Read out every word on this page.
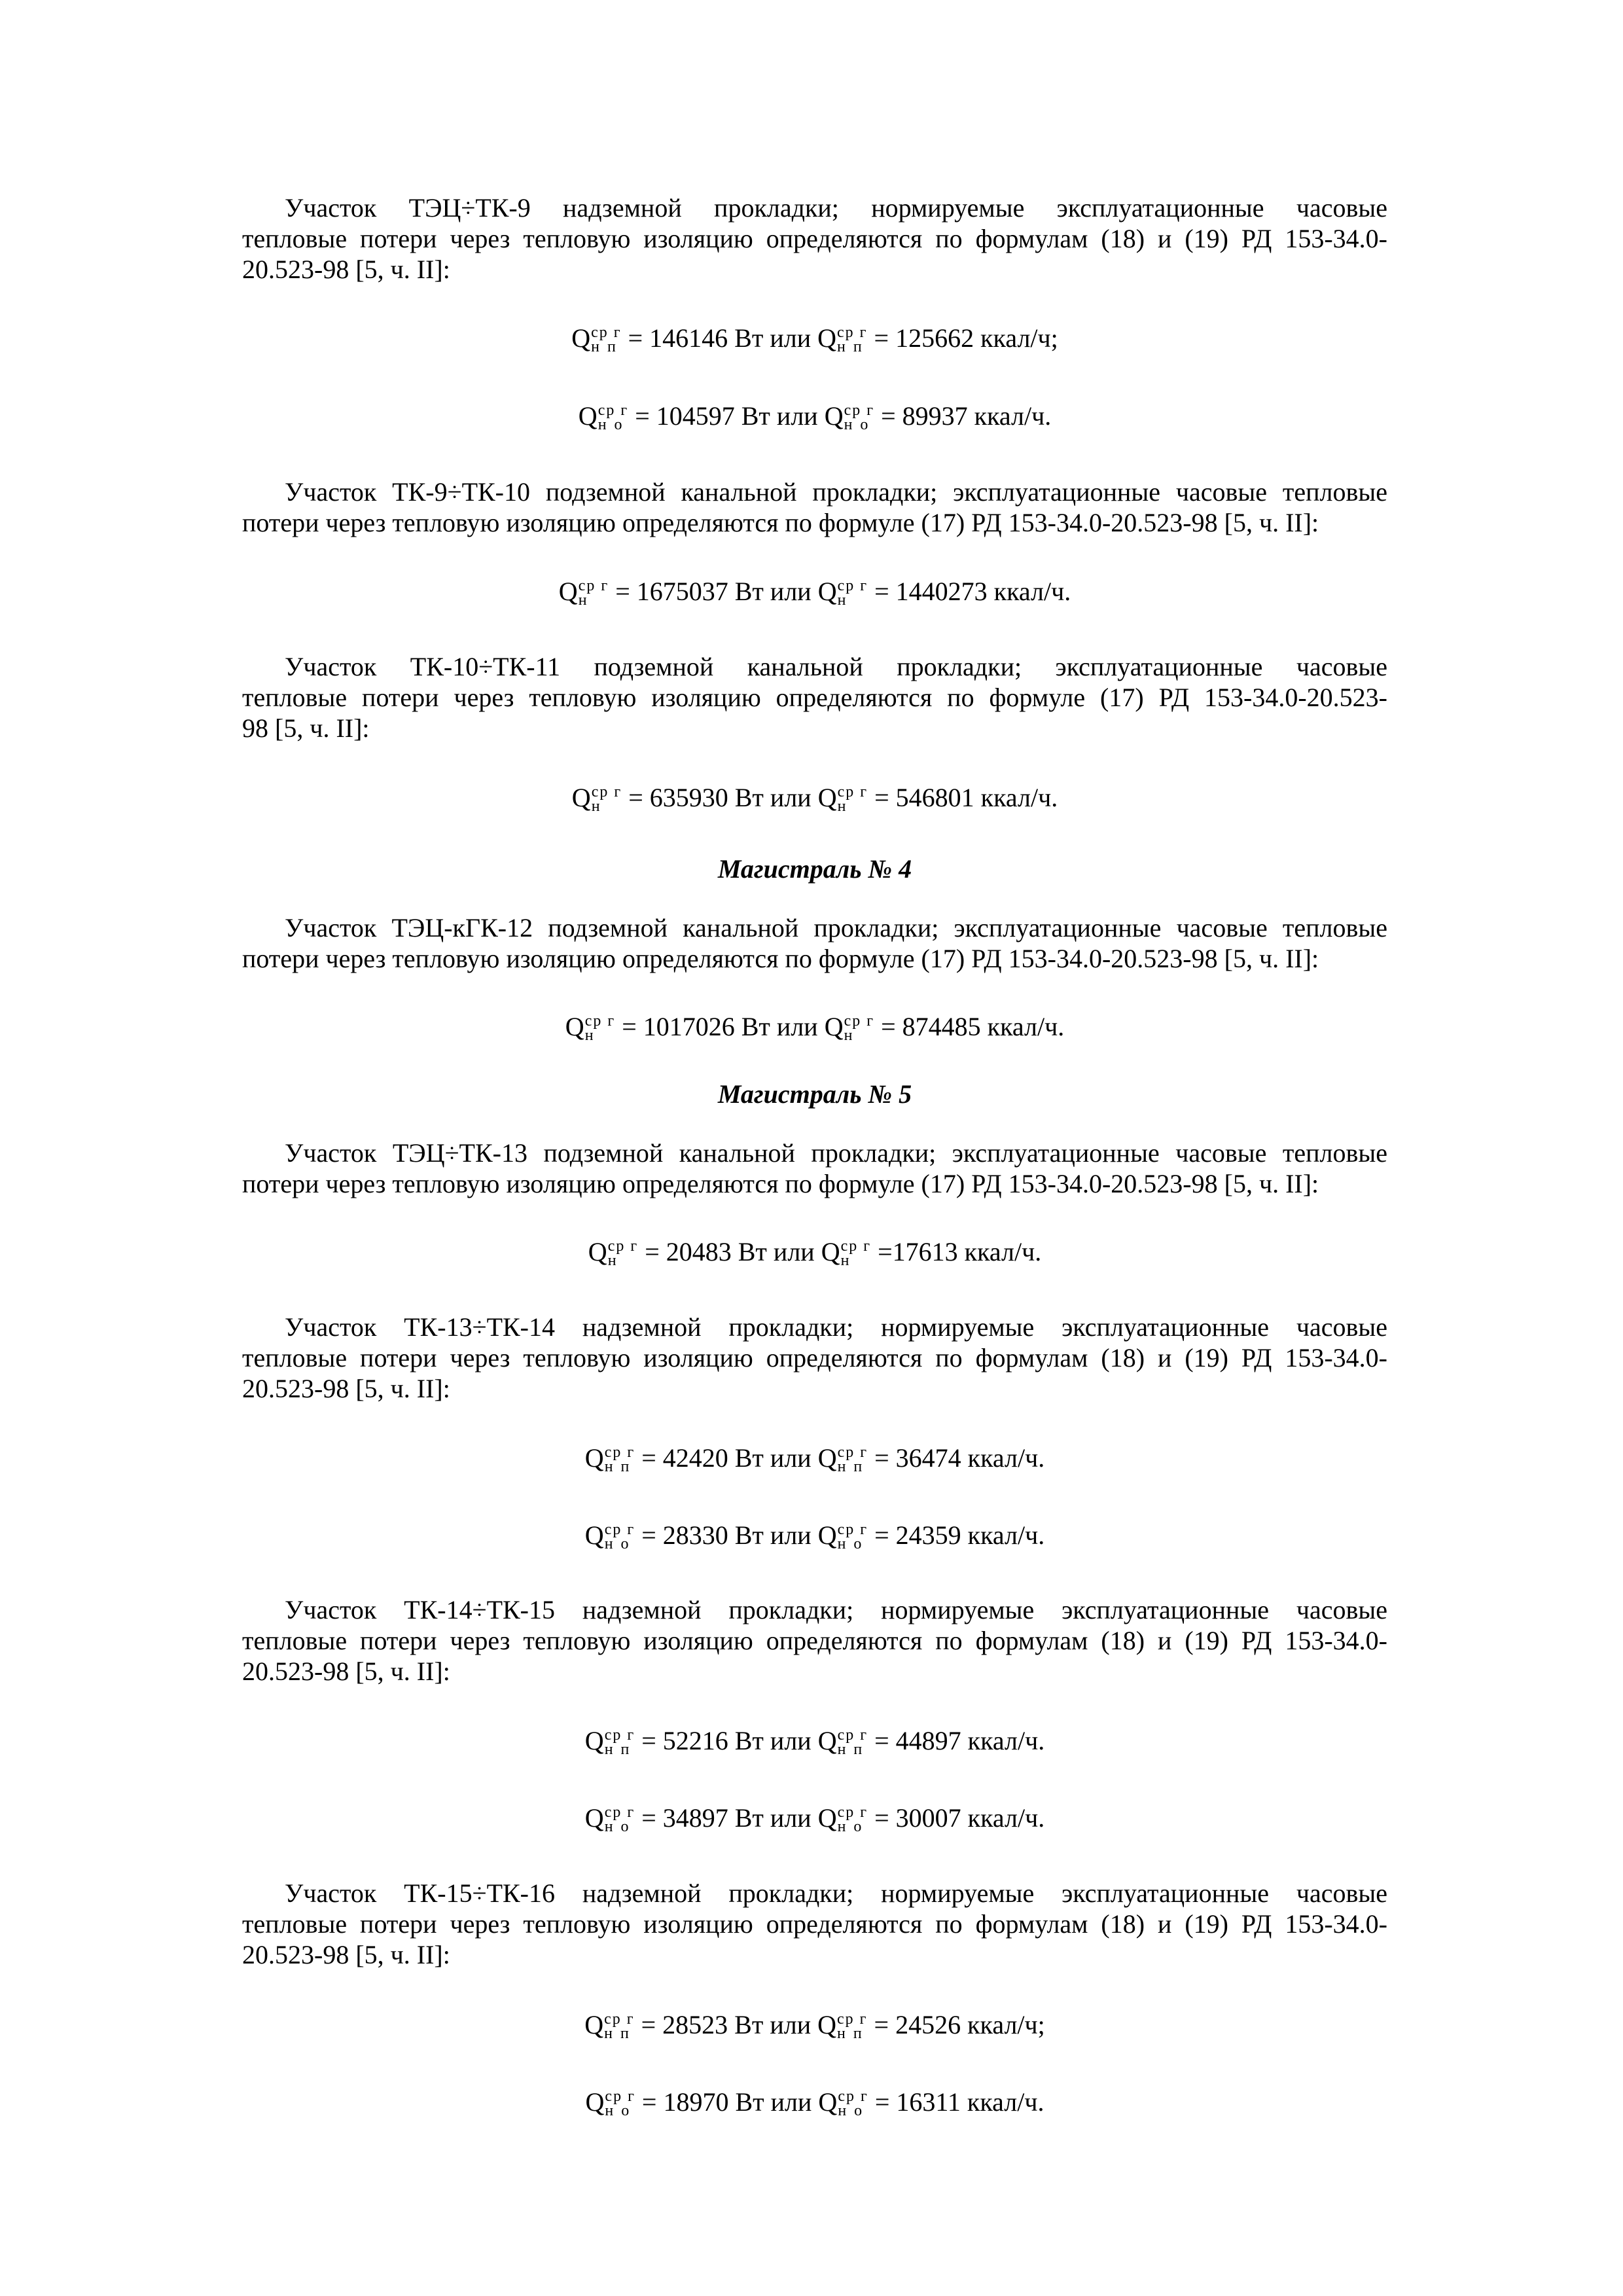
Участок ТЭЦ÷ТК-9 надземной прокладки; нормируемые эксплуатационные часовые
тепловые потери через тепловую изоляцию определяются по формулам (18) и (19) РД 153-34.0-
20.523-98 [5, ч. II]:
Q ср г
н п = 146146 Вт или Q ср г
н п = 125662 ккал/ч;
Q ср г
н о = 104597 Вт или Q ср г
н о = 89937 ккал/ч.
Участок ТК-9÷ТК-10 подземной канальной прокладки; эксплуатационные часовые тепловые
потери через тепловую изоляцию определяются по формуле (17) РД 153-34.0-20.523-98 [5, ч. II]:
Q ср г
н	= 1675037 Вт или Q ср г
н	= 1440273 ккал/ч.
Участок ТК-10÷ТК-11 подземной канальной прокладки; эксплуатационные часовые
тепловые потери через тепловую изоляцию определяются по формуле (17) РД 153-34.0-20.523-
98 [5, ч. II]:
Q ср г
н	= 635930 Вт или Q ср г
н	= 546801 ккал/ч.
Магистраль № 4
Участок ТЭЦ-кГК-12 подземной канальной прокладки; эксплуатационные часовые тепловые
потери через тепловую изоляцию определяются по формуле (17) РД 153-34.0-20.523-98 [5, ч. II]:
Q ср г
н	= 1017026 Вт или Q ср г
н	= 874485 ккал/ч.
Магистраль № 5
Участок ТЭЦ÷ТК-13 подземной канальной прокладки; эксплуатационные часовые тепловые
потери через тепловую изоляцию определяются по формуле (17) РД 153-34.0-20.523-98 [5, ч. II]:
Q ср г
н	= 20483 Вт или Q ср г
н	=17613 ккал/ч.
Участок ТК-13÷ТК-14 надземной прокладки; нормируемые эксплуатационные часовые
тепловые потери через тепловую изоляцию определяются по формулам (18) и (19) РД 153-34.0-
20.523-98 [5, ч. II]:
Q ср г
н п = 42420 Вт или Q ср г
н п = 36474 ккал/ч.
Q ср г
н о = 28330 Вт или Q ср г
н о = 24359 ккал/ч.
Участок ТК-14÷ТК-15 надземной прокладки; нормируемые эксплуатационные часовые
тепловые потери через тепловую изоляцию определяются по формулам (18) и (19) РД 153-34.0-
20.523-98 [5, ч. II]:
Q ср г
н п = 52216 Вт или Q ср г
н п = 44897 ккал/ч.
Q ср г
н о = 34897 Вт или Q ср г
н о = 30007 ккал/ч.
Участок ТК-15÷ТК-16 надземной прокладки; нормируемые эксплуатационные часовые
тепловые потери через тепловую изоляцию определяются по формулам (18) и (19) РД 153-34.0-
20.523-98 [5, ч. II]:
Q ср г
н п = 28523 Вт или Q ср г
н п = 24526 ккал/ч;
Q ср г
н о = 18970 Вт или Q ср г
н о = 16311 ккал/ч.
